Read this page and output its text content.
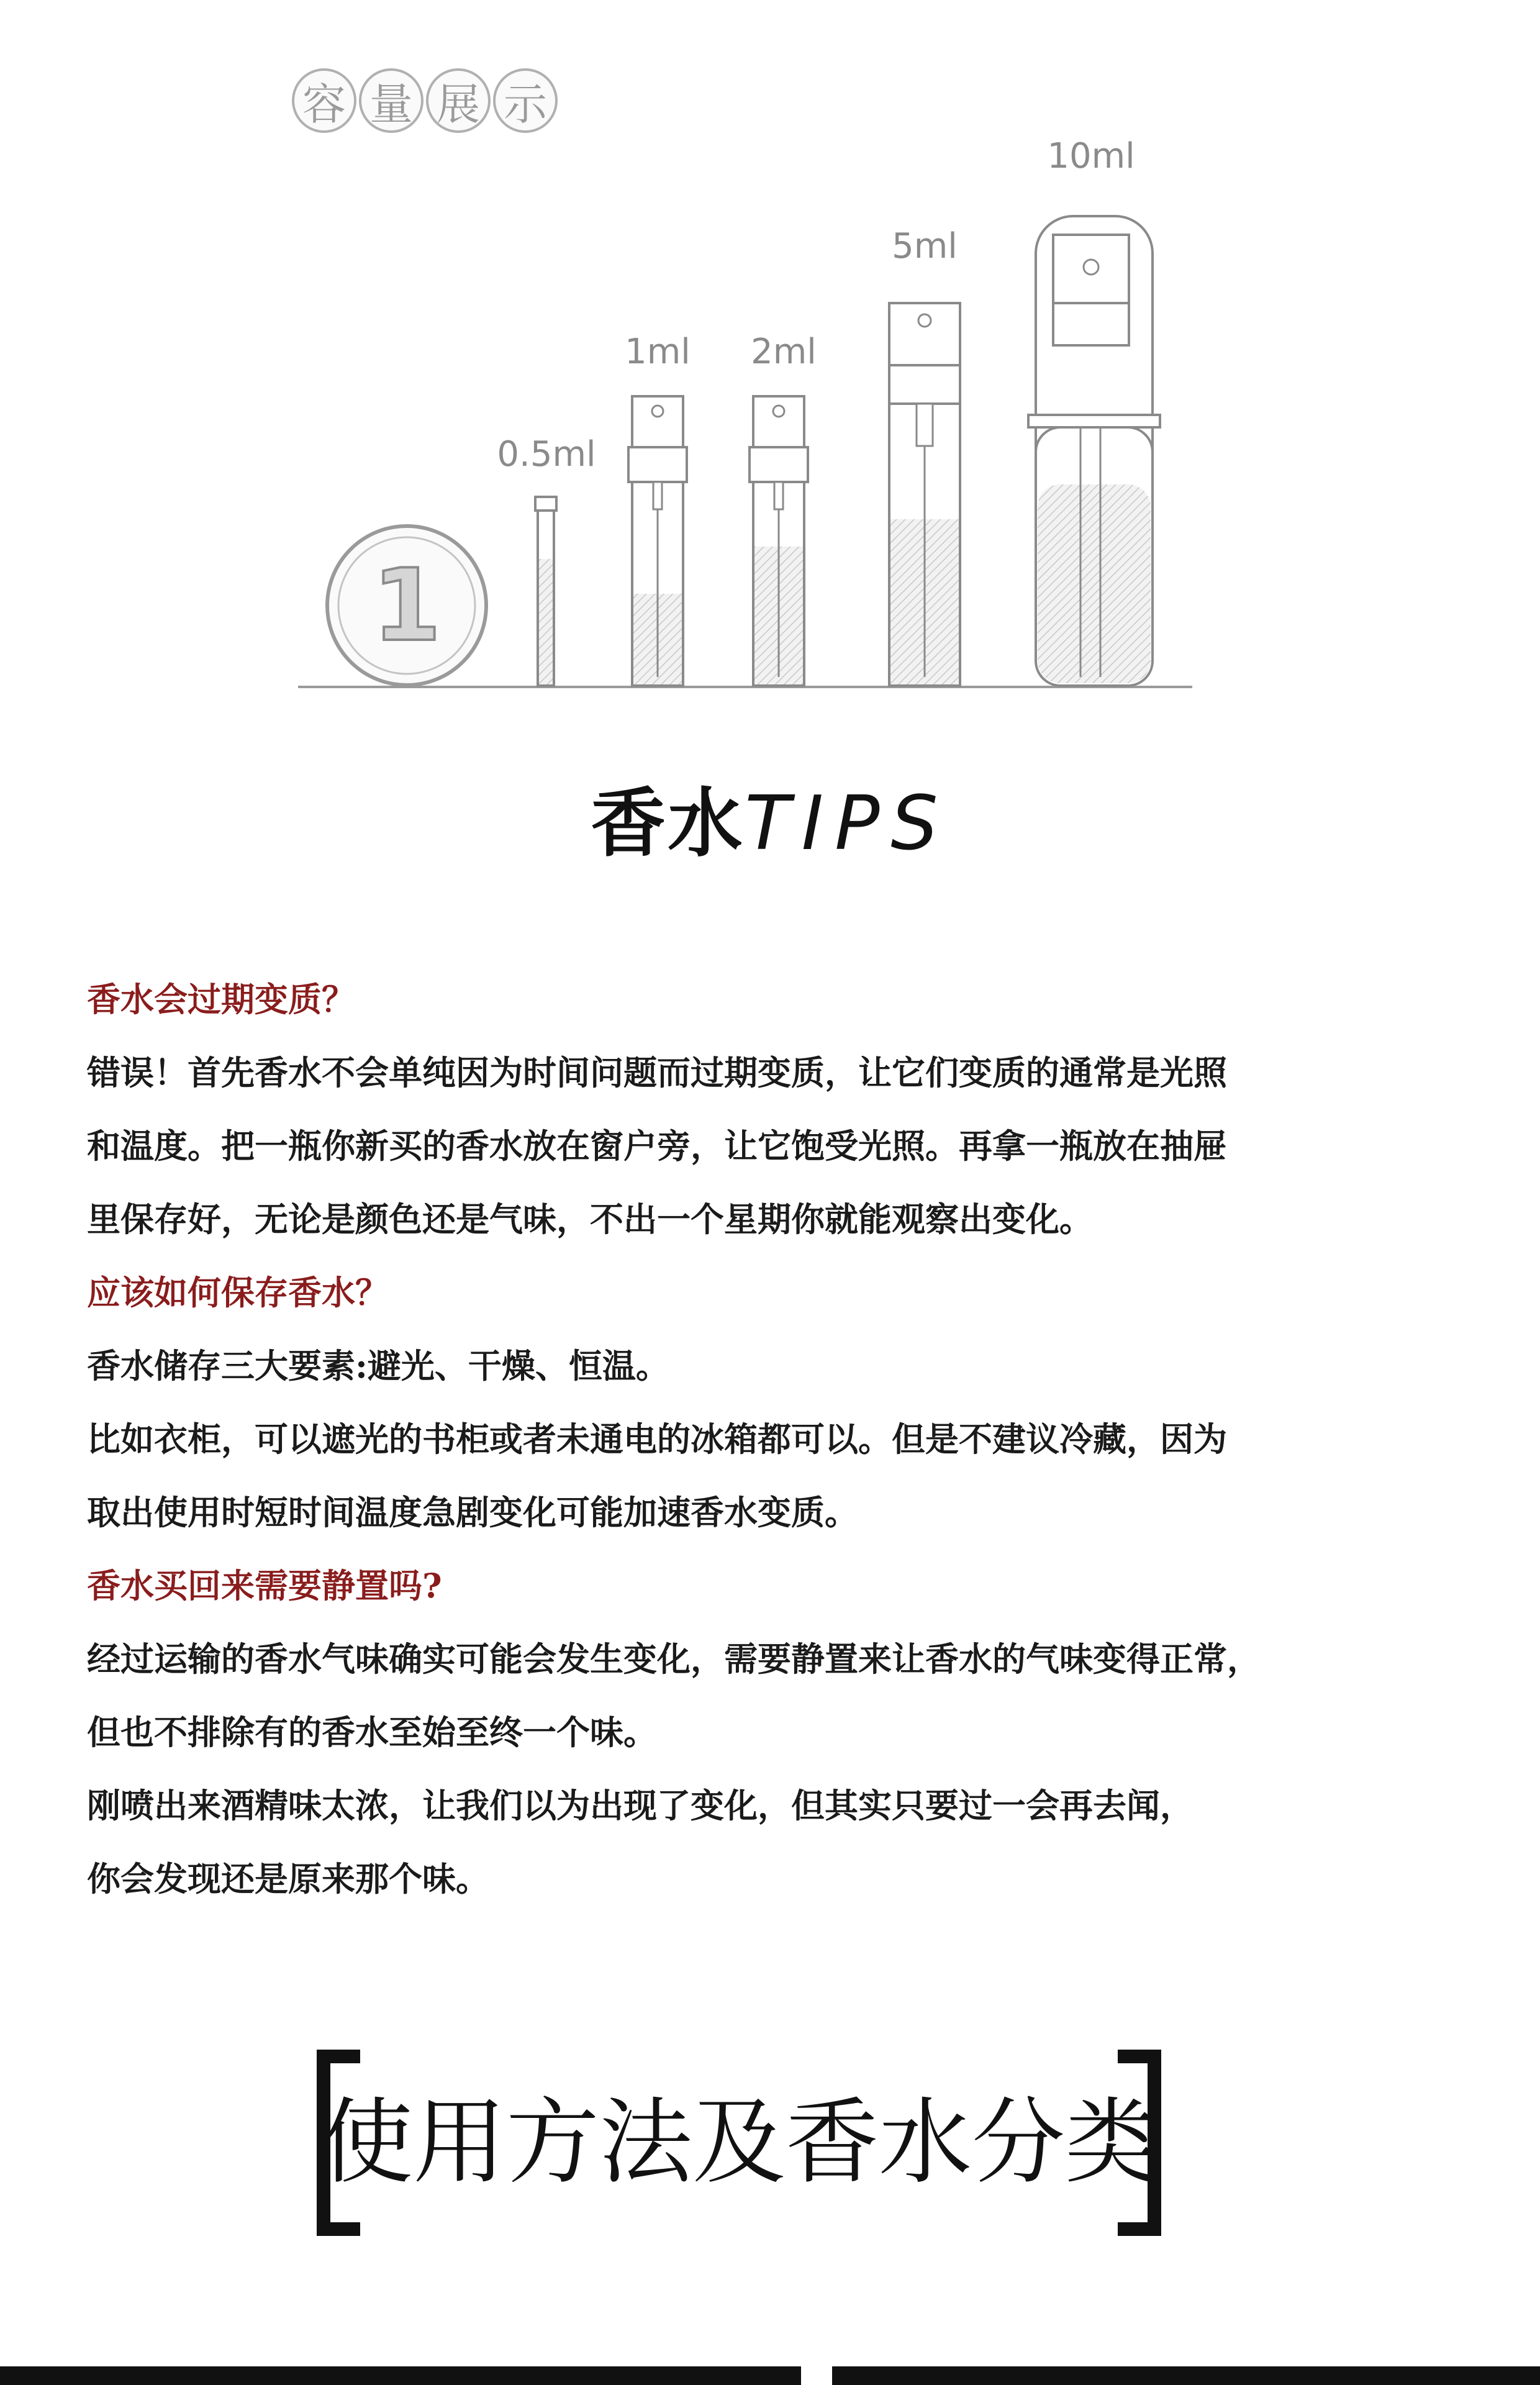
容 量 展 示
1
0.5ml
1ml 2ml
5ml
10ml
香水TIPS
香水会过期变质？
错误！首先香水不会单纯因为时间问题而过期变质，让它们变质的通常是光照
和温度。把一瓶你新买的香水放在窗户旁，让它饱受光照。再拿一瓶放在抽屉
里保存好，无论是颜色还是气味，不出一个星期你就能观察出变化。
应该如何保存香水？
香水储存三大要素:避光、干燥、恒温。
比如衣柜，可以遮光的书柜或者未通电的冰箱都可以。但是不建议冷藏，因为
取出使用时短时间温度急剧变化可能加速香水变质。
香水买回来需要静置吗?
经过运输的香水气味确实可能会发生变化，需要静置来让香水的气味变得正常，
但也不排除有的香水至始至终一个味。
刚喷出来酒精味太浓，让我们以为出现了变化，但其实只要过一会再去闻，
你会发现还是原来那个味。
使用方法及香水分类
